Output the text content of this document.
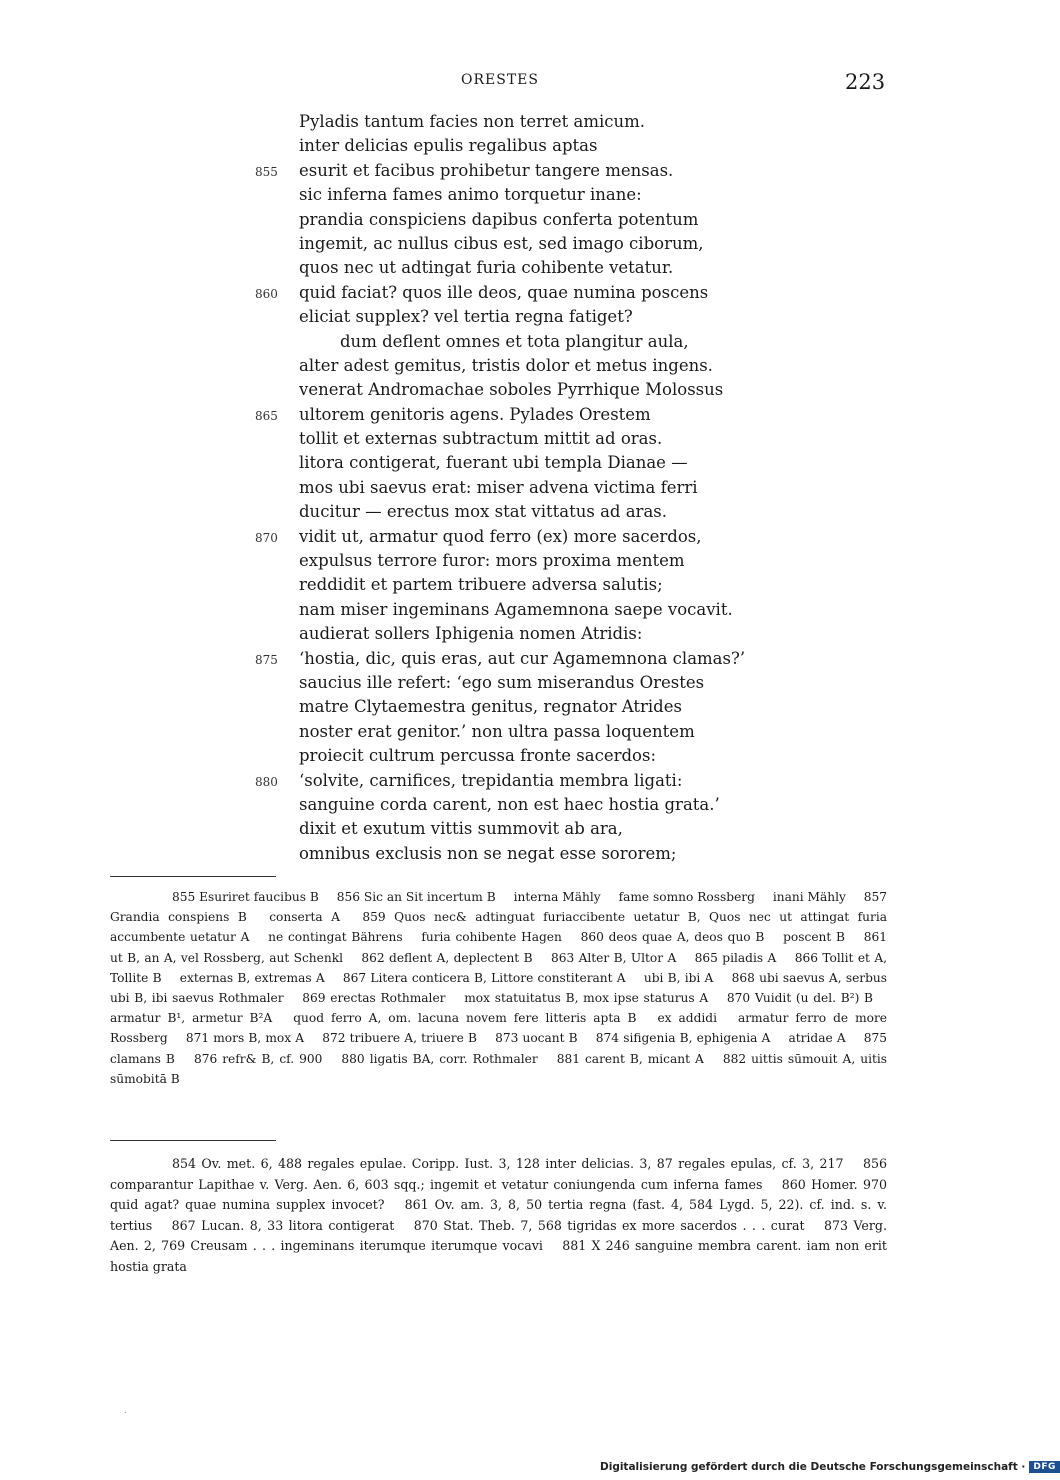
ORESTES	223
Pyladis tantum facies non terret amicum.
inter delicias epulis regalibus aptas
855 esurit et facibus prohibetur tangere mensas.
sic inferna fames animo torquetur inane:
prandia conspiciens dapibus conferta potentum
ingemit, ac nullus cibus est, sed imago ciborum,
quos nec ut adtingat furia cohibente vetatur.
860 quid faciat? quos ille deos, quae numina poscens
eliciat supplex? vel tertia regna fatiget?
dum deflent omnes et tota plangitur aula,
alter adest gemitus, tristis dolor et metus ingens.
venerat Andromachae soboles Pyrrhique Molossus
865 ultorem genitoris agens. Pylades Orestem
tollit et externas subtractum mittit ad oras.
litora contigerat, fuerant ubi templa Dianae —
mos ubi saevus erat: miser advena victima ferri
ducitur — erectus mox stat vittatus ad aras.
870 vidit ut, armatur quod ferro (ex) more sacerdos,
expulsus terrore furor: mors proxima mentem
reddidit et partem tribuere adversa salutis;
nam miser ingeminans Agamemnona saepe vocavit.
audierat sollers Iphigenia nomen Atridis:
875 ‘hostia, dic, quis eras, aut cur Agamemnona clamas?’
saucius ille refert: ‘ego sum miserandus Orestes
matre Clytaemestra genitus, regnator Atrides
noster erat genitor.’ non ultra passa loquentem
proiecit cultrum percussa fronte sacerdos:
880 ‘solvite, carnifices, trepidantia membra ligati:
sanguine corda carent, non est haec hostia grata.’
dixit et exutum vittis summovit ab ara,
omnibus exclusis non se negat esse sororem;
855 Esuriret faucibus B 856 Sic an Sit incertum B interna Mähly fame somno Rossberg inani Mähly 857 Grandia conspiens B conserta A 859 Quos nec& adtinguat furiaccibente uetatur B, Quos nec ut attingat furia accumbente uetatur A ne contingat Bährens furia cohibente Hagen 860 deos quae A, deos quo B poscent B 861 ut B, an A, vel Rossberg, aut Schenkl 862 deflent A, deplectent B 863 Alter B, Ultor A 865 piladis A 866 Tollit et A, Tollite B externas B, extremas A 867 Litera conticera B, Littore constiterant A ubi B, ibi A 868 ubi saevus A, serbus ubi B, ibi saevus Rothmaler 869 erectas Rothmaler mox statuitatus B, mox ipse staturus A 870 Vuidit (u del. B²) B armatur B¹, armetur B²A quod ferro A, om. lacuna novem fere litteris apta B ex addidi armatur ferro de more Rossberg 871 mors B, mox A 872 tribuere A, triuere B 873 uocant B 874 sifigenia B, ephigenia A atridae A 875 clamans B 876 refr& B, cf. 900 880 ligatis BA, corr. Rothmaler 881 carent B, micant A 882 uittis sūmouit A, uitis sūmobitā B
854 Ov. met. 6, 488 regales epulae. Coripp. Iust. 3, 128 inter delicias. 3, 87 regales epulas, cf. 3, 217 856 comparantur Lapithae v. Verg. Aen. 6, 603 sqq.; ingemit et vetatur coniungenda cum inferna fames 860 Homer. 970 quid agat? quae numina supplex invocet? 861 Ov. am. 3, 8, 50 tertia regna (fast. 4, 584 Lygd. 5, 22). cf. ind. s. v. tertius 867 Lucan. 8, 33 litora contigerat 870 Stat. Theb. 7, 568 tigridas ex more sacerdos . . . curat 873 Verg. Aen. 2, 769 Creusam . . . ingeminans iterumque iterumque vocavi 881 X 246 sanguine membra carent. iam non erit hostia grata
Digitalisierung gefördert durch die Deutsche Forschungsgemeinschaft · DFG
